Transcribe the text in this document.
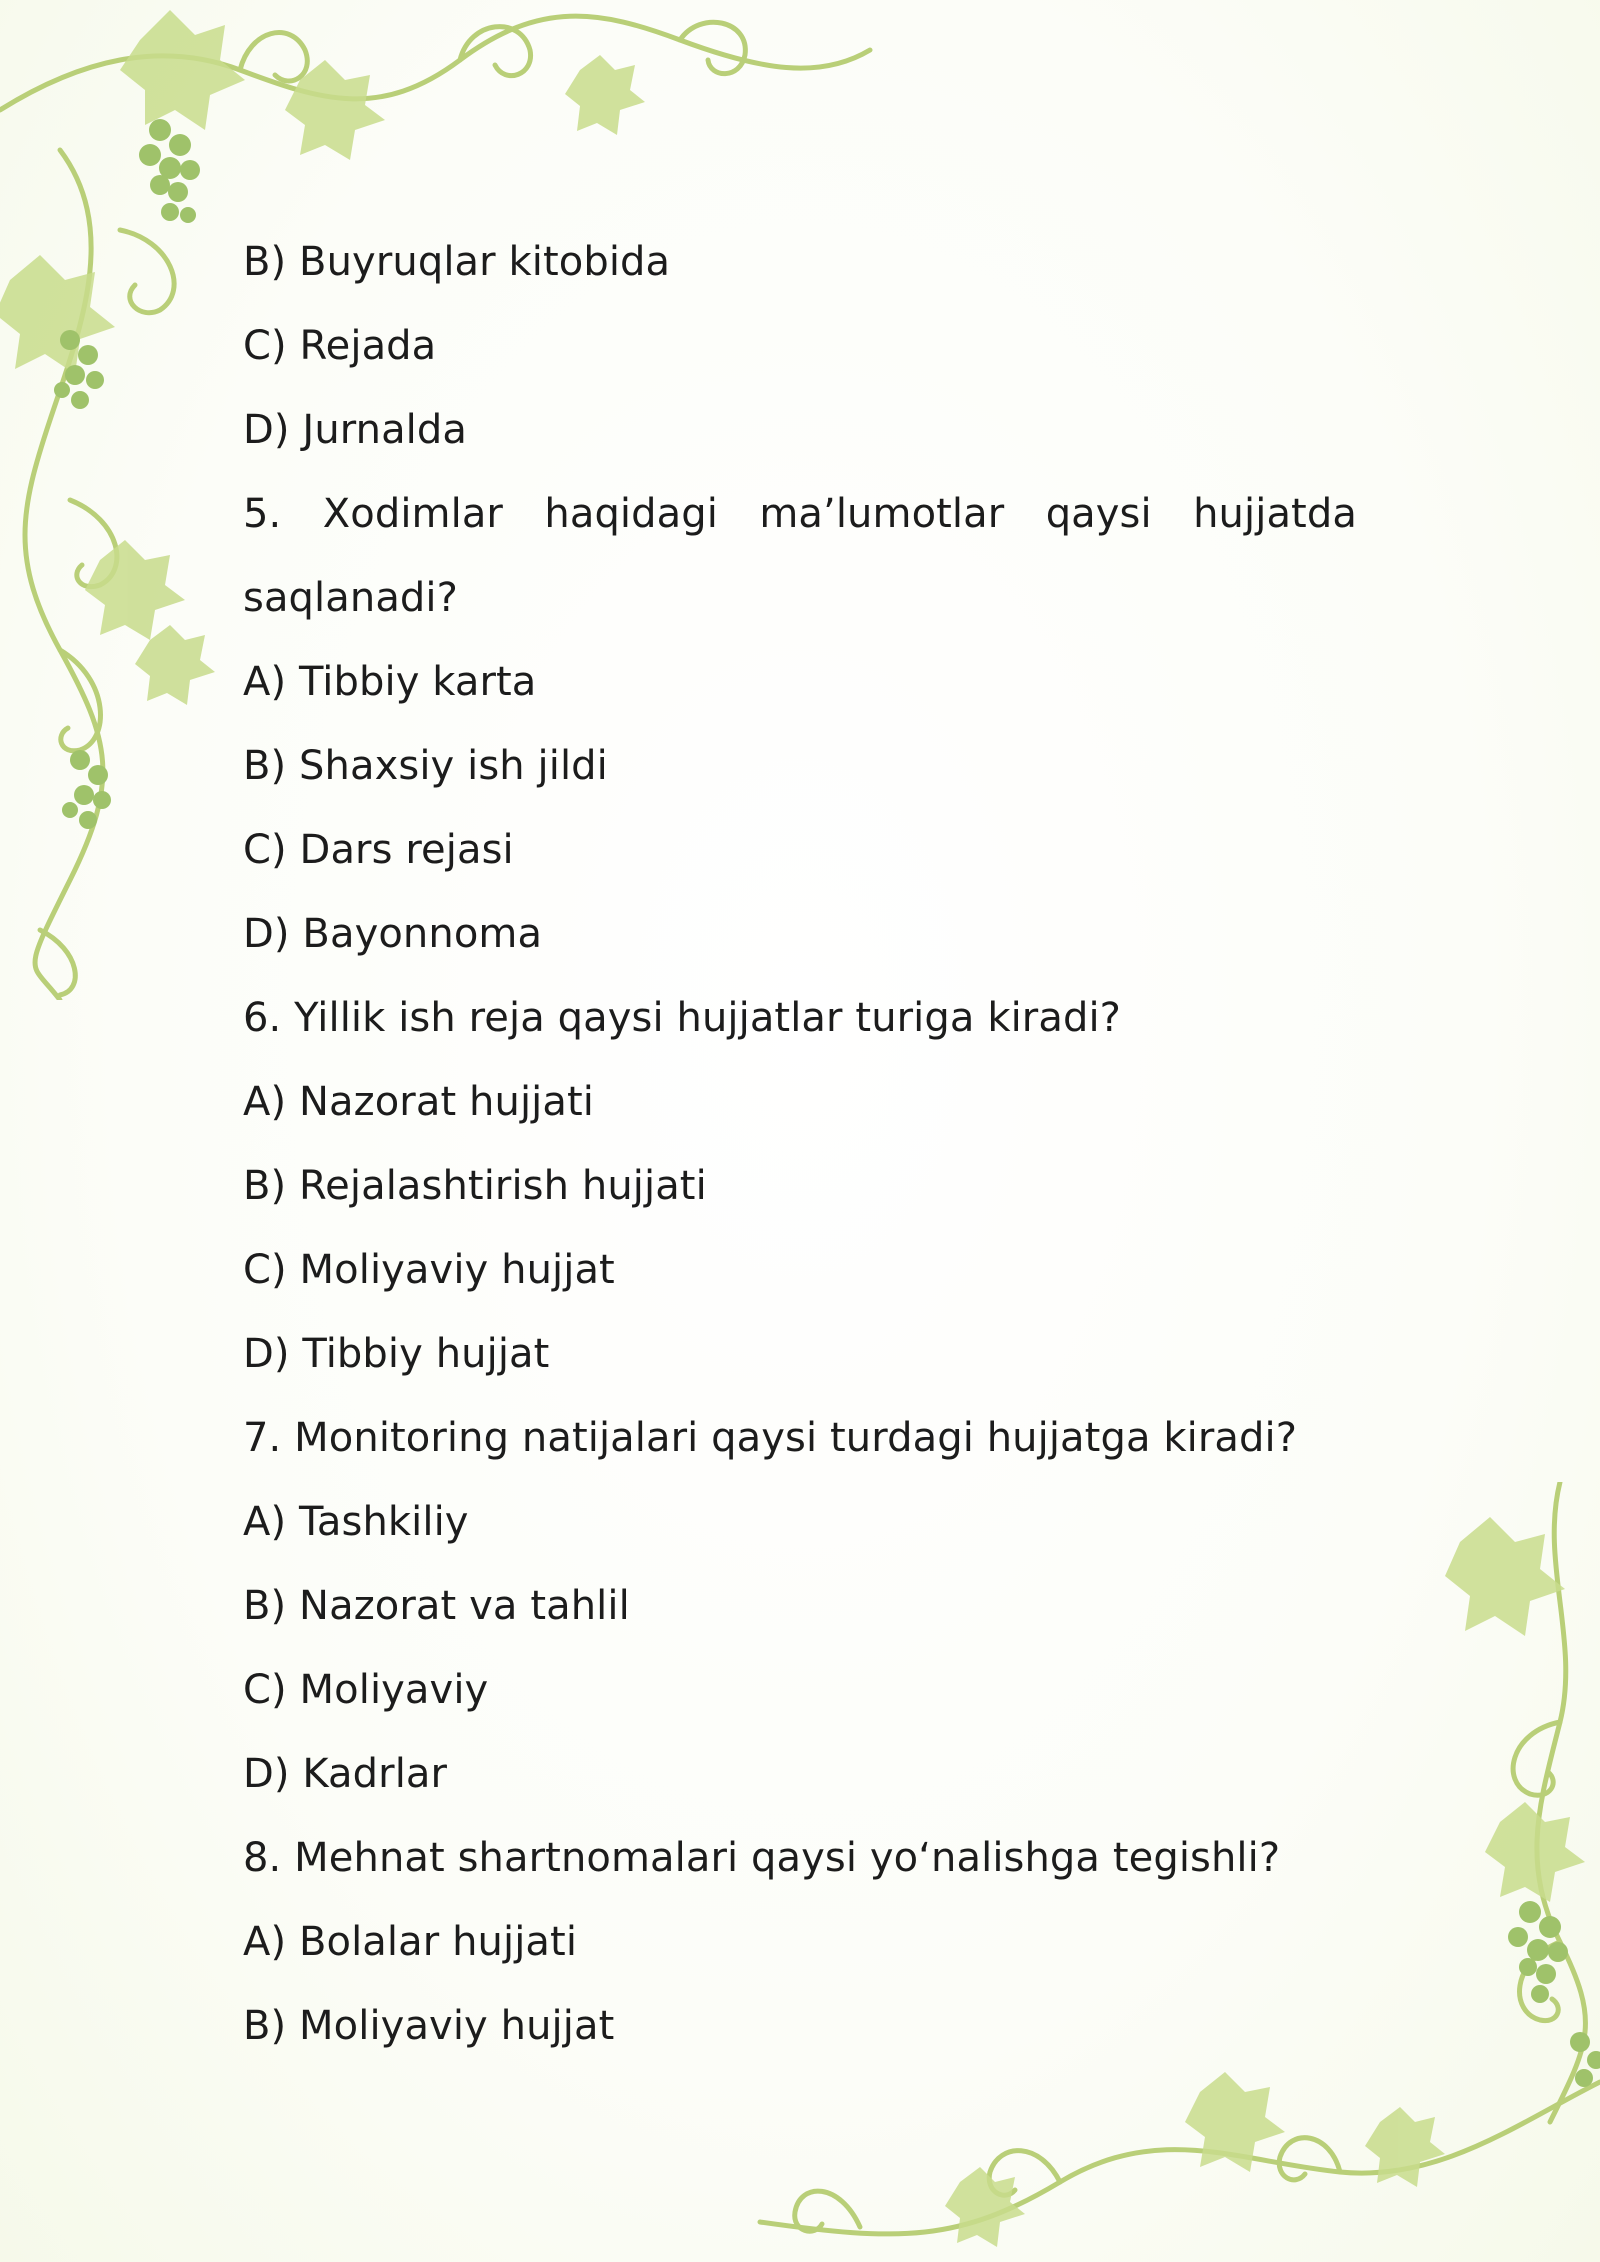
B) Buyruqlar kitobida
C) Rejada
D) Jurnalda
5. Xodimlar haqidagi ma’lumotlar qaysi hujjatda
saqlanadi?
A) Tibbiy karta
B) Shaxsiy ish jildi
C) Dars rejasi
D) Bayonnoma
6. Yillik ish reja qaysi hujjatlar turiga kiradi?
A) Nazorat hujjati
B) Rejalashtirish hujjati
C) Moliyaviy hujjat
D) Tibbiy hujjat
7. Monitoring natijalari qaysi turdagi hujjatga kiradi?
A) Tashkiliy
B) Nazorat va tahlil
C) Moliyaviy
D) Kadrlar
8. Mehnat shartnomalari qaysi yo‘nalishga tegishli?
A) Bolalar hujjati
B) Moliyaviy hujjat
